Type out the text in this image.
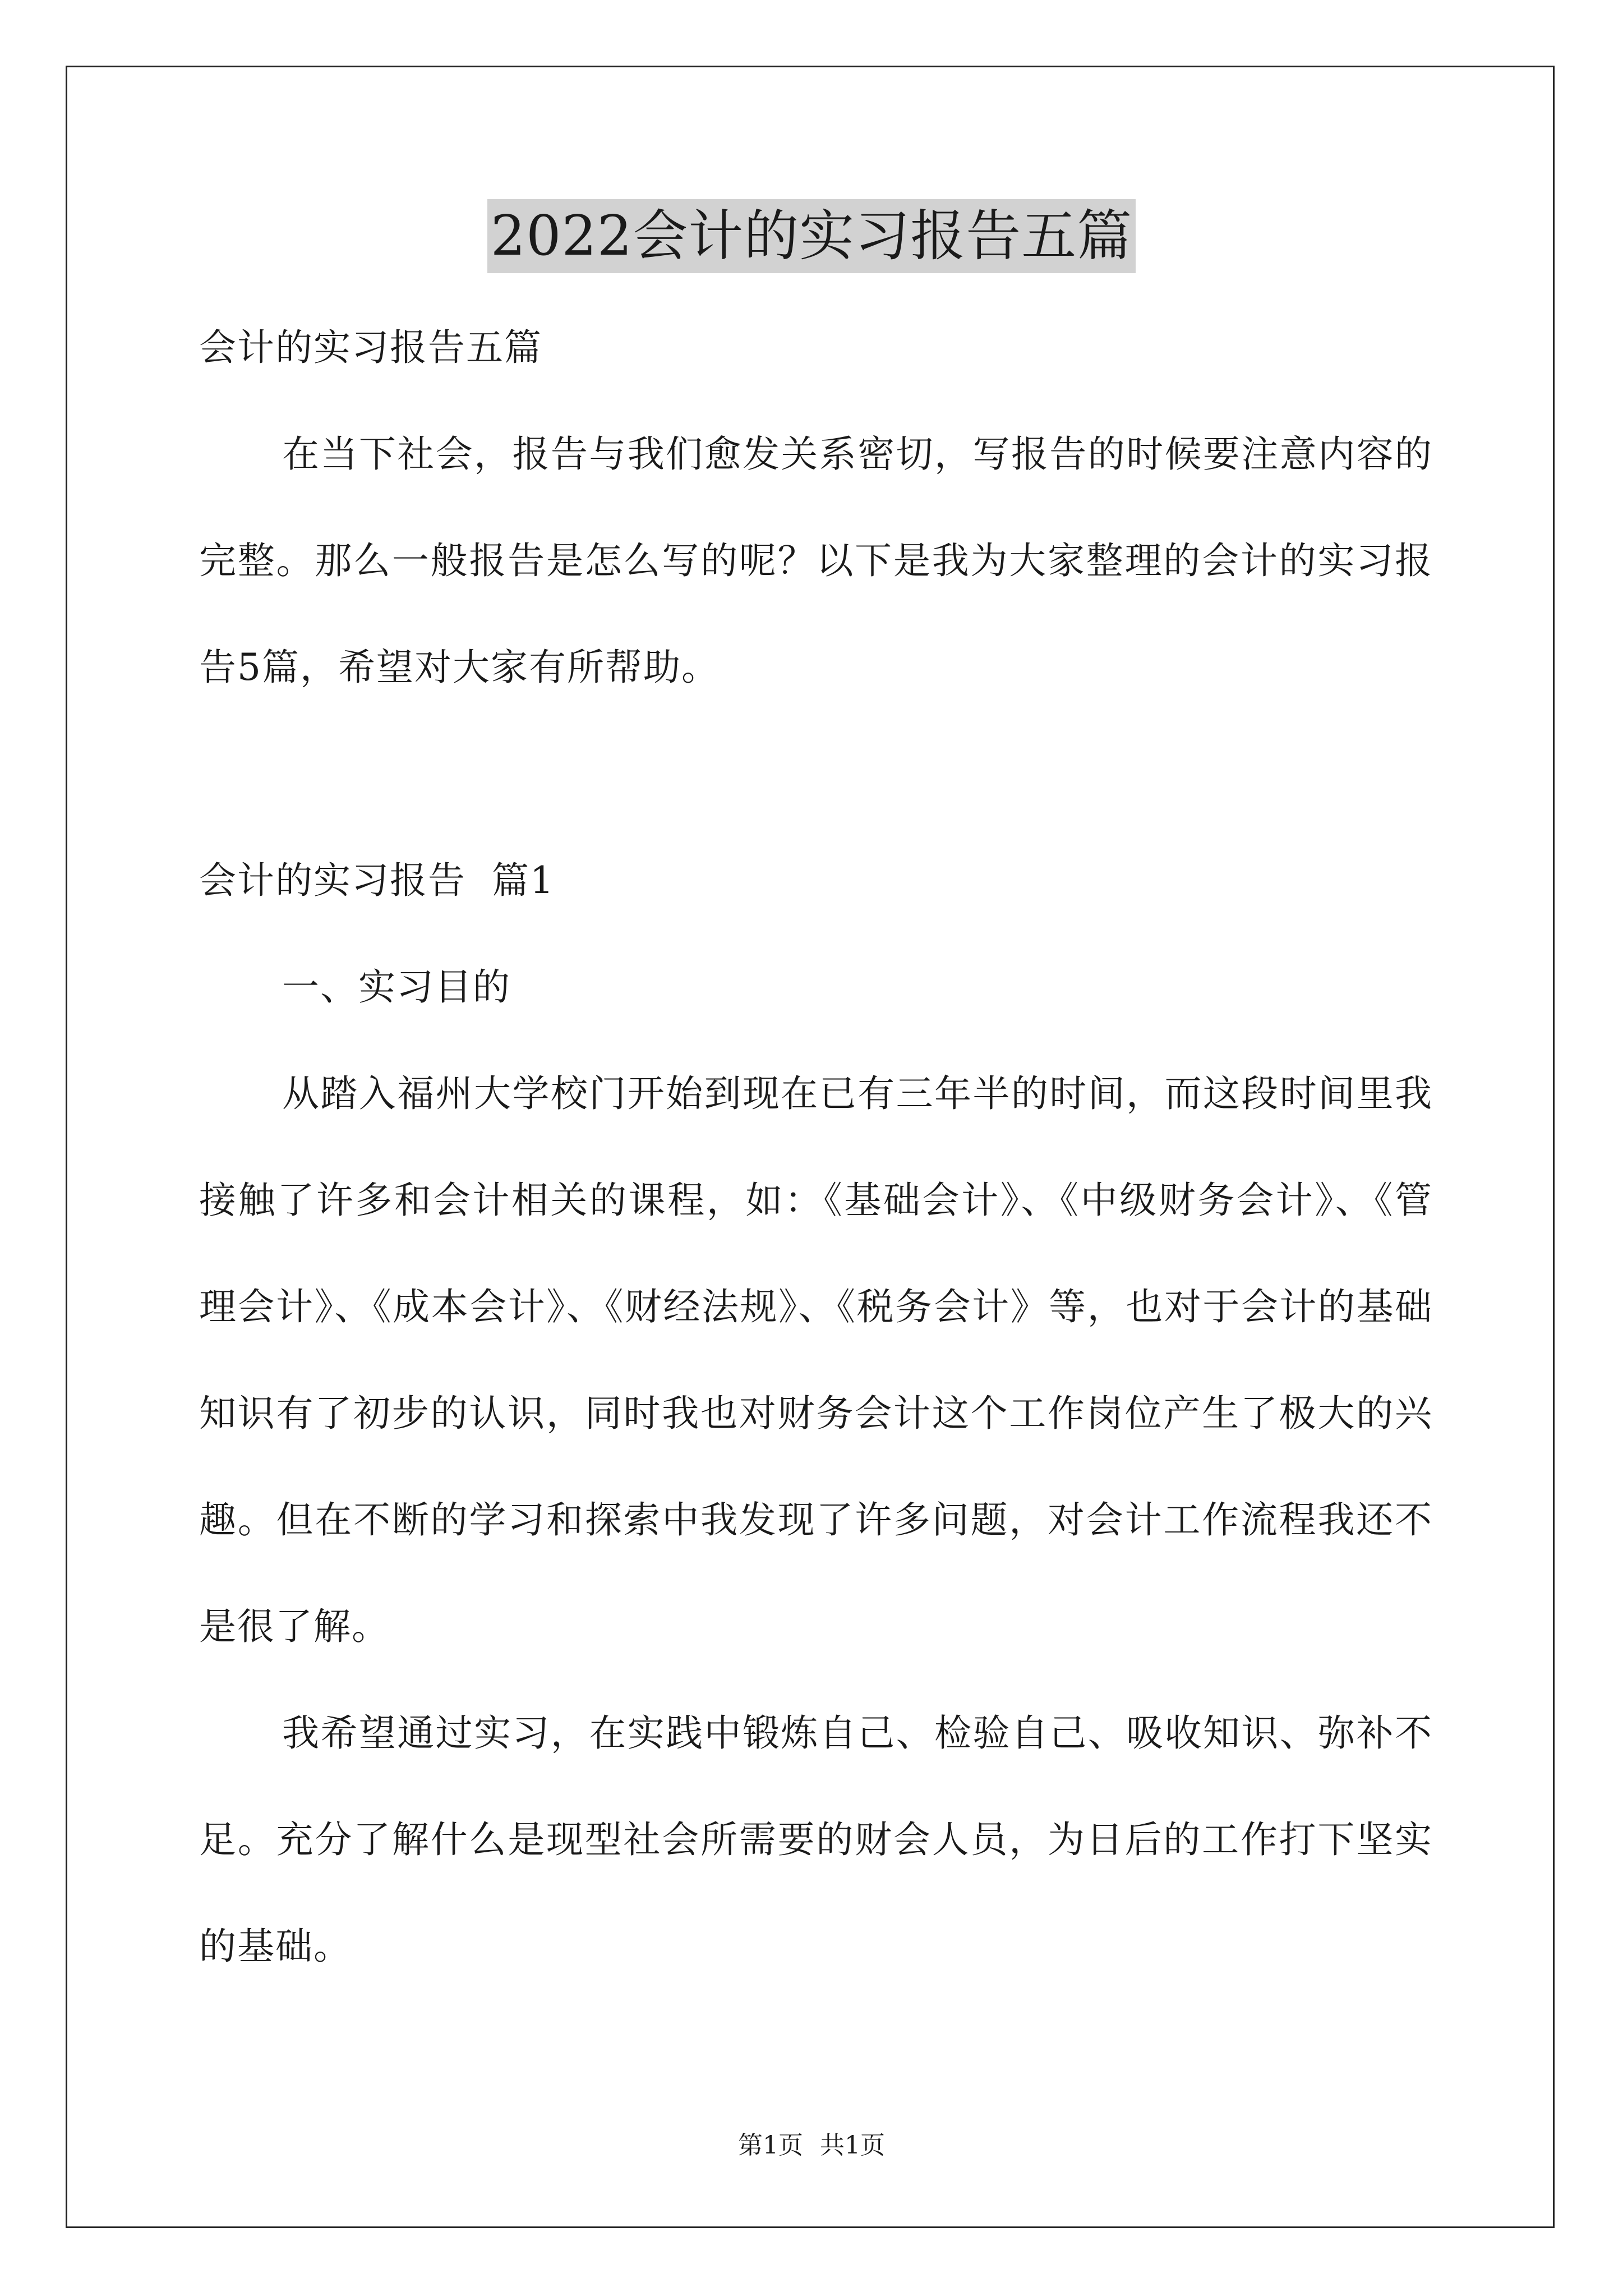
2022会计的实习报告五篇

会计的实习报告五篇

在当下社会，报告与我们愈发关系密切，写报告的时候要注意内容的完整。那么一般报告是怎么写的呢？以下是我为大家整理的会计的实习报告5篇，希望对大家有所帮助。

会计的实习报告  篇1

一、实习目的

从踏入福州大学校门开始到现在已有三年半的时间，而这段时间里我接触了许多和会计相关的课程，如：《基础会计》、《中级财务会计》、《管理会计》、《成本会计》、《财经法规》、《税务会计》等，也对于会计的基础知识有了初步的认识，同时我也对财务会计这个工作岗位产生了极大的兴趣。但在不断的学习和探索中我发现了许多问题，对会计工作流程我还不是很了解。

我希望通过实习，在实践中锻炼自己、检验自己、吸收知识、弥补不足。充分了解什么是现型社会所需要的财会人员，为日后的工作打下坚实的基础。

第1页 共1页
